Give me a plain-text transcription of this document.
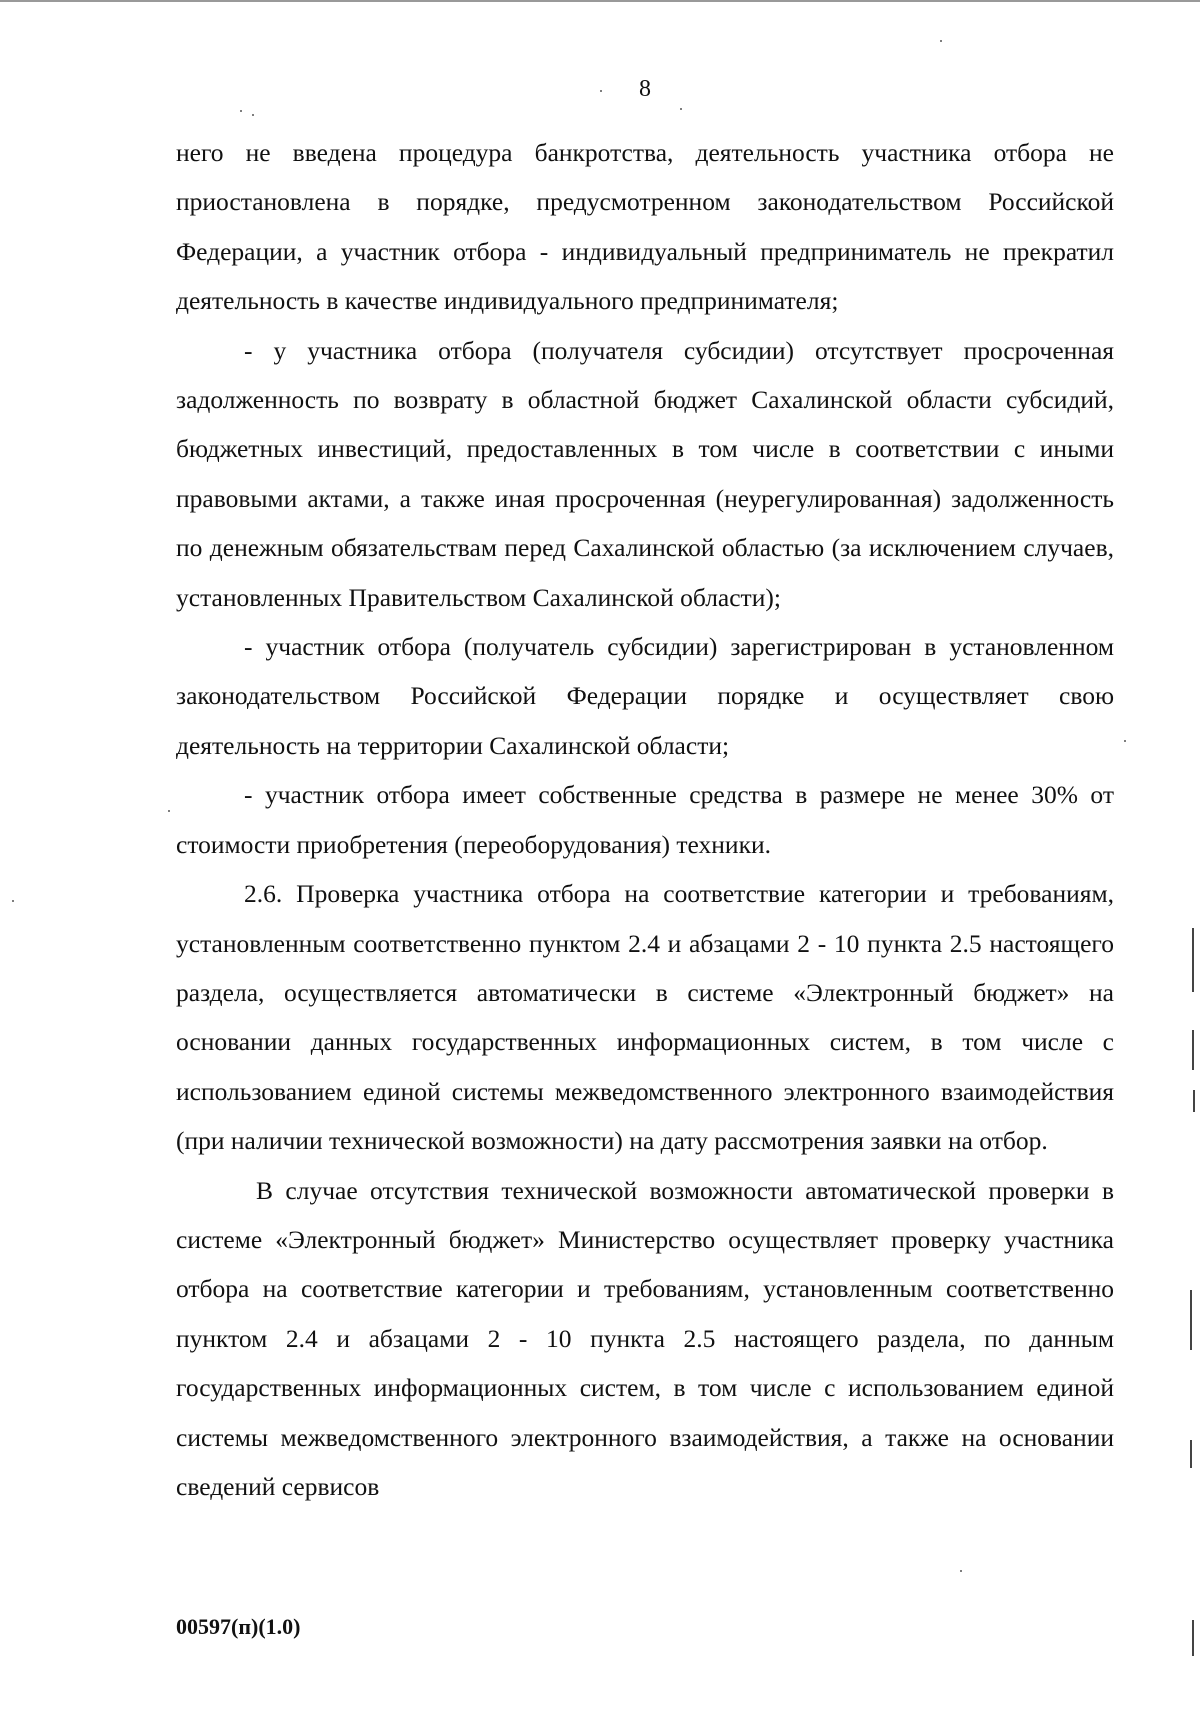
8

него не введена процедура банкротства, деятельность участника отбора не приостановлена в порядке, предусмотренном законодательством Российской Федерации, а участник отбора - индивидуальный предприниматель не прекратил деятельность в качестве индивидуального предпринимателя;

- у участника отбора (получателя субсидии) отсутствует просроченная задолженность по возврату в областной бюджет Сахалинской области субсидий, бюджетных инвестиций, предоставленных в том числе в соответствии с иными правовыми актами, а также иная просроченная (неурегулированная) задолженность по денежным обязательствам перед Сахалинской областью (за исключением случаев, установленных Правительством Сахалинской области);

- участник отбора (получатель субсидии) зарегистрирован в установленном законодательством Российской Федерации порядке и осуществляет свою деятельность на территории Сахалинской области;

- участник отбора имеет собственные средства в размере не менее 30% от стоимости приобретения (переоборудования) техники.

2.6. Проверка участника отбора на соответствие категории и требованиям, установленным соответственно пунктом 2.4 и абзацами 2 - 10 пункта 2.5 настоящего раздела, осуществляется автоматически в системе «Электронный бюджет» на основании данных государственных информационных систем, в том числе с использованием единой системы межведомственного электронного взаимодействия (при наличии технической возможности) на дату рассмотрения заявки на отбор.

В случае отсутствия технической возможности автоматической проверки в системе «Электронный бюджет» Министерство осуществляет проверку участника отбора на соответствие категории и требованиям, установленным соответственно пунктом 2.4 и абзацами 2 - 10 пункта 2.5 настоящего раздела, по данным государственных информационных систем, в том числе с использованием единой системы межведомственного электронного взаимодействия, а также на основании сведений сервисов

00597(п)(1.0)
